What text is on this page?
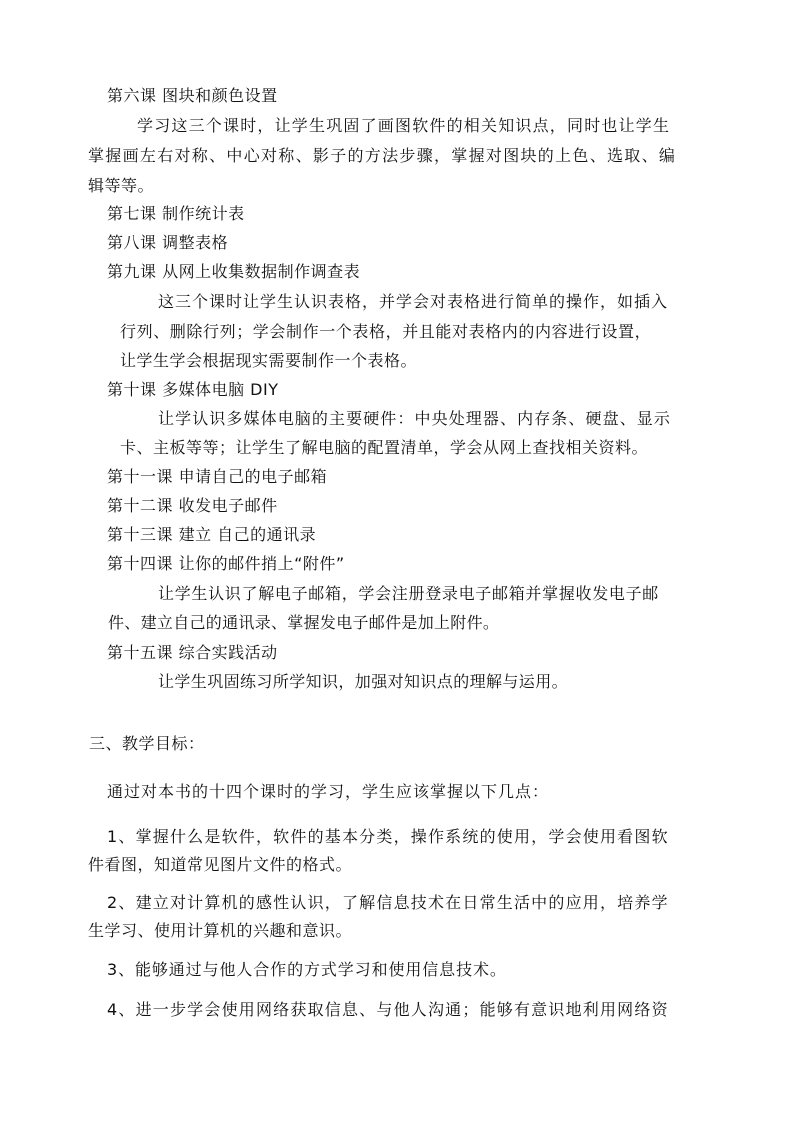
第六课 图块和颜色设置
学习这三个课时，让学生巩固了画图软件的相关知识点，同时也让学生
掌握画左右对称、中心对称、影子的方法步骤，掌握对图块的上色、选取、编
辑等等。
第七课 制作统计表
第八课 调整表格
第九课 从网上收集数据制作调查表
这三个课时让学生认识表格，并学会对表格进行简单的操作，如插入
行列、删除行列；学会制作一个表格，并且能对表格内的内容进行设置，
让学生学会根据现实需要制作一个表格。
第十课 多媒体电脑 DIY
让学认识多媒体电脑的主要硬件：中央处理器、内存条、硬盘、显示
卡、主板等等；让学生了解电脑的配置清单，学会从网上查找相关资料。
第十一课 申请自己的电子邮箱
第十二课 收发电子邮件
第十三课 建立 自己的通讯录
第十四课 让你的邮件捎上“附件”
让学生认识了解电子邮箱，学会注册登录电子邮箱并掌握收发电子邮
件、建立自己的通讯录、掌握发电子邮件是加上附件。
第十五课 综合实践活动
让学生巩固练习所学知识，加强对知识点的理解与运用。
三、教学目标：
通过对本书的十四个课时的学习，学生应该掌握以下几点：
1、掌握什么是软件，软件的基本分类，操作系统的使用，学会使用看图软
件看图，知道常见图片文件的格式。
2、建立对计算机的感性认识，了解信息技术在日常生活中的应用，培养学
生学习、使用计算机的兴趣和意识。
3、能够通过与他人合作的方式学习和使用信息技术。
4、进一步学会使用网络获取信息、与他人沟通；能够有意识地利用网络资
